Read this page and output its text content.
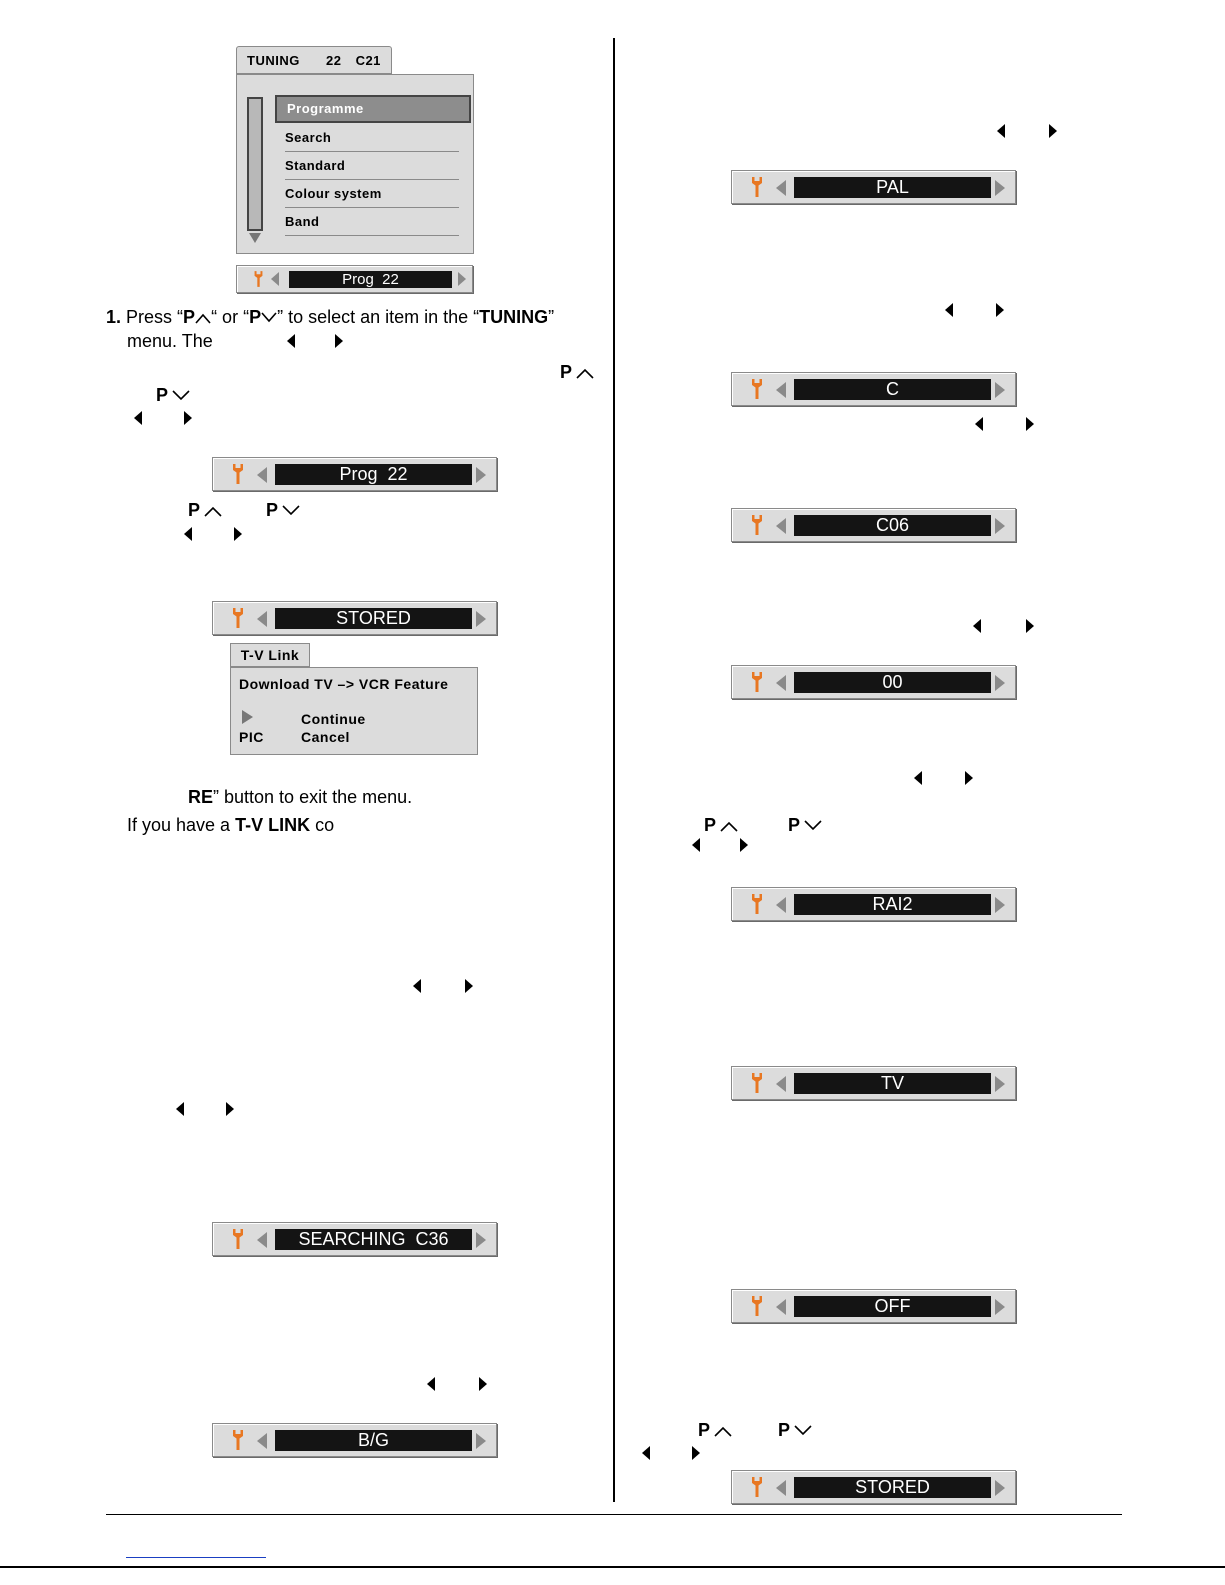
TUNING 22 C21
Programme
Search
Standard
Colour system
Band
Prog  22
1. Press “P “ or “P ” to select an item in the “TUNING”
menu. The
P
P
Prog  22
P	P
STORED
T-V Link
Download TV –> VCR Feature
Continue
PIC	Cancel
RE” button to exit the menu.
If you have a T-V LINK co
SEARCHING  C36
B/G
PAL
C
C06
00
P	P
RAI2
TV
OFF
P	P
STORED
